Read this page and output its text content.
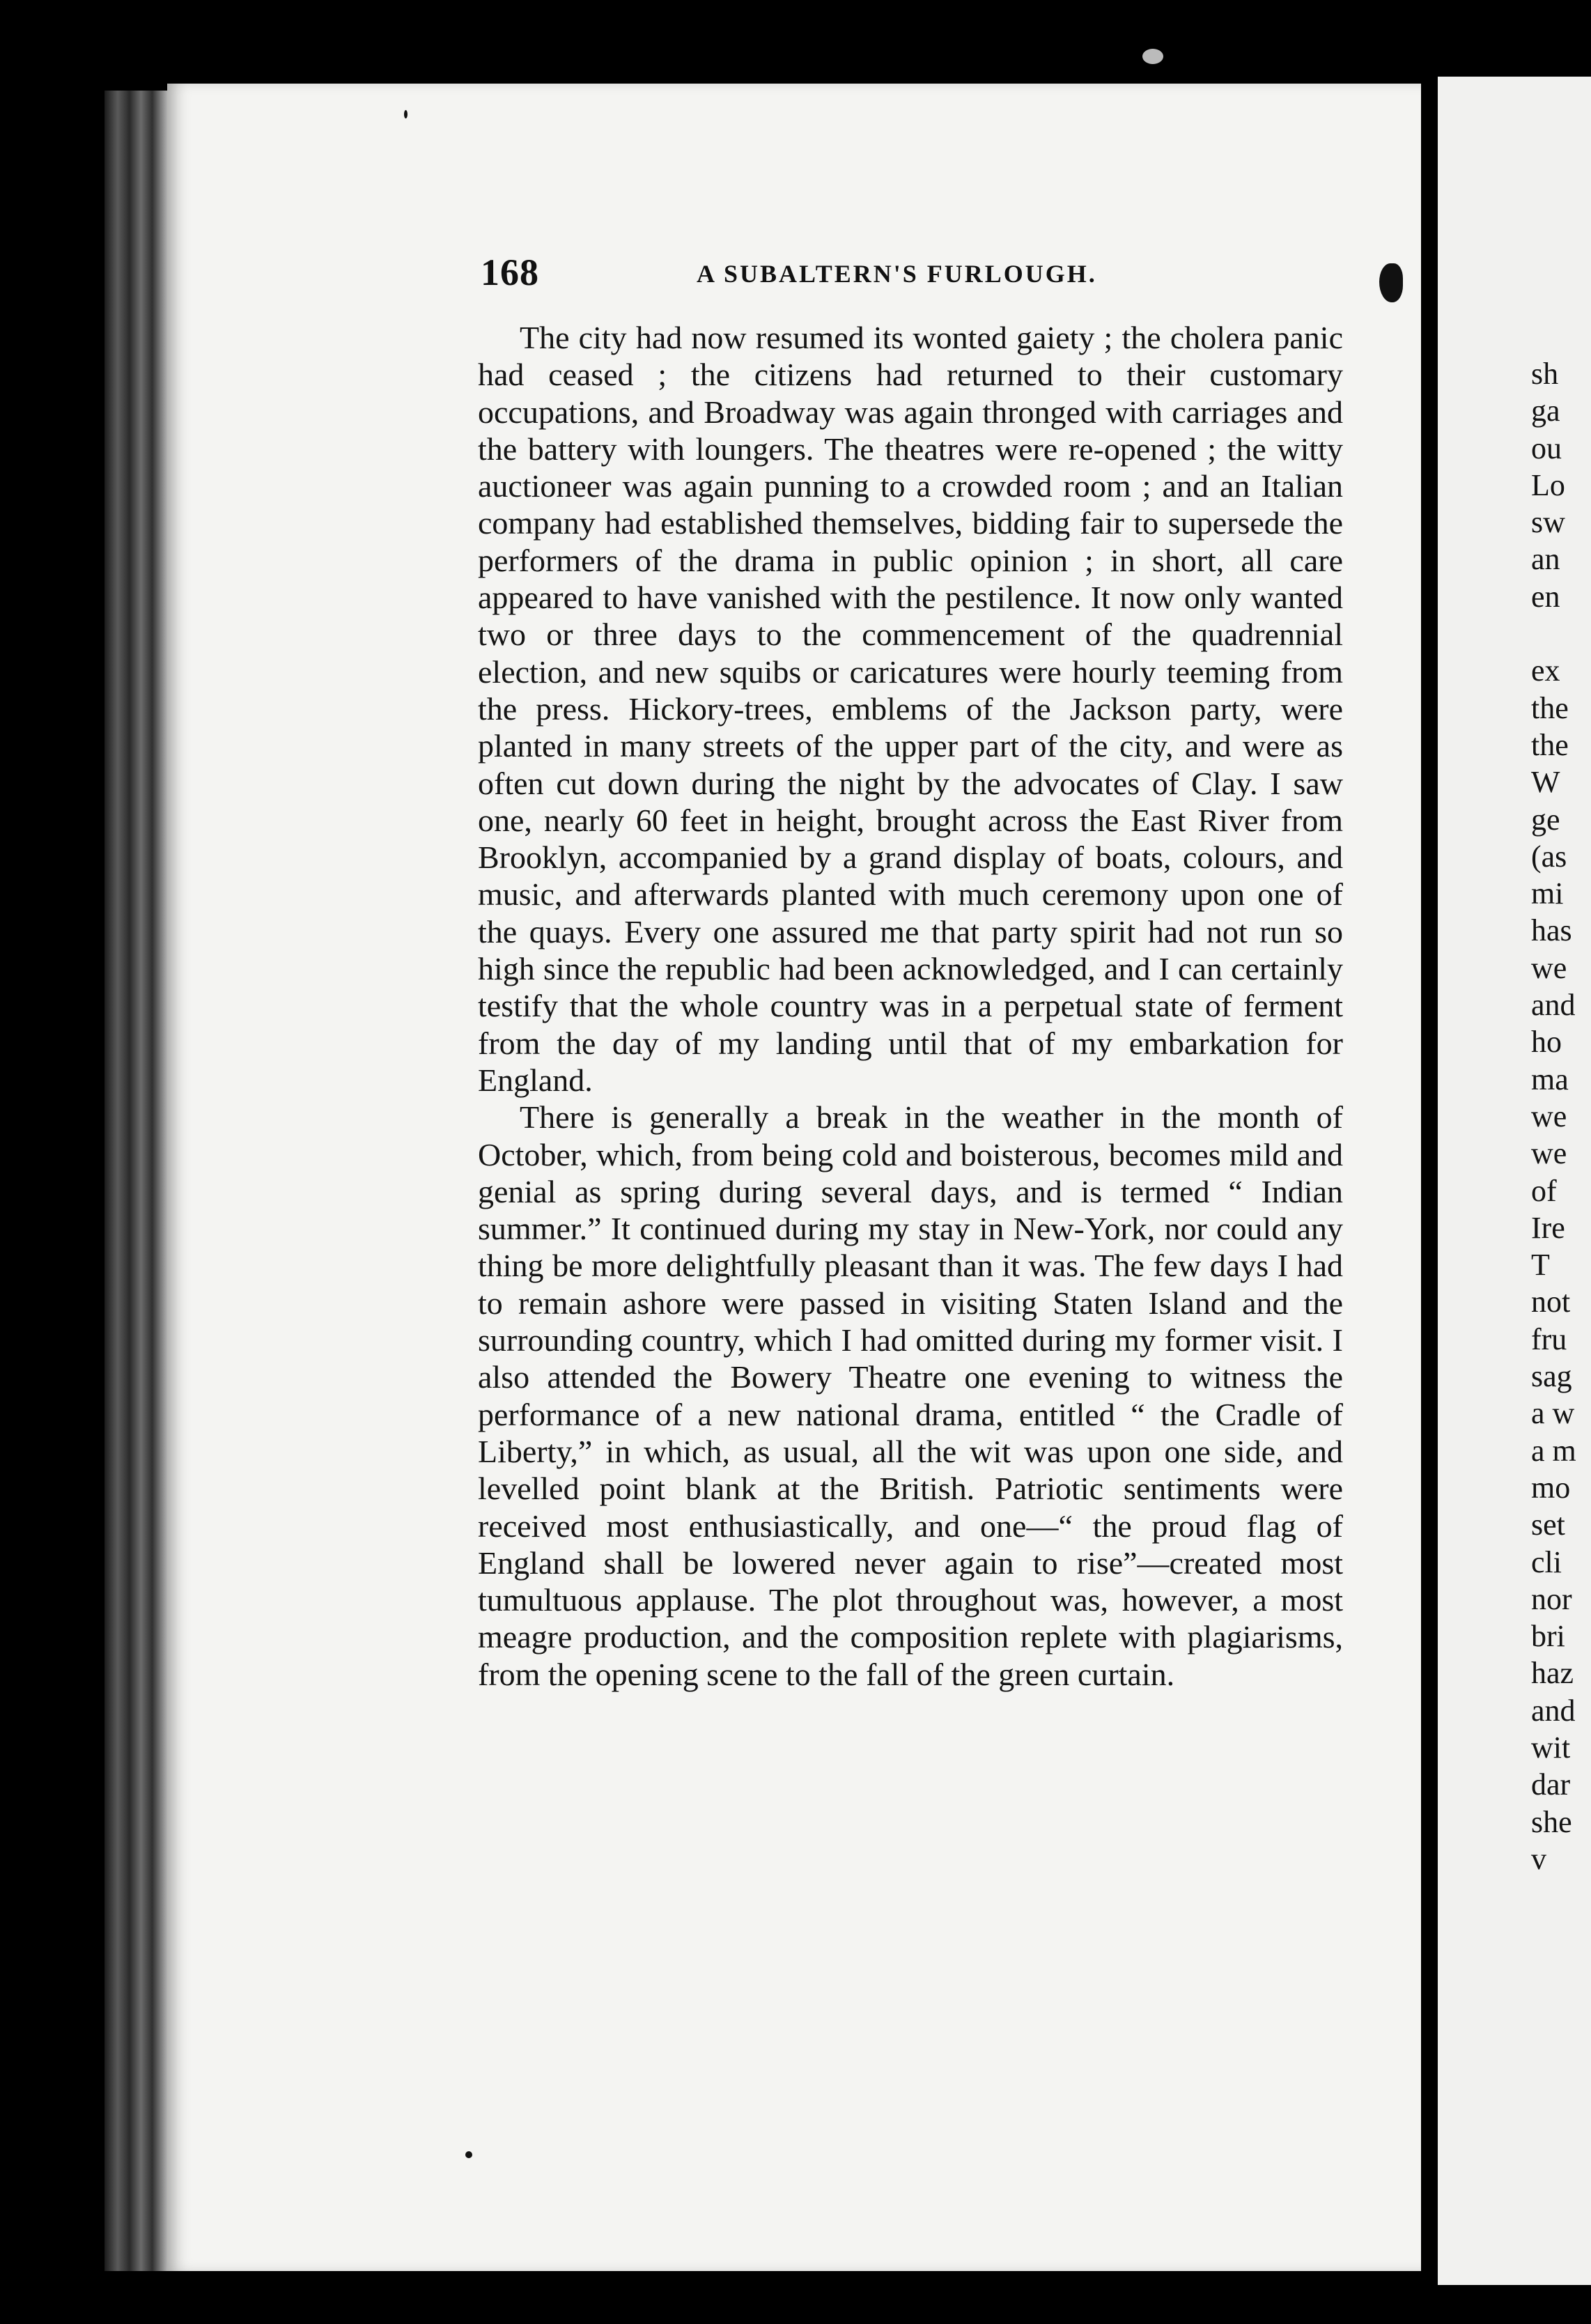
168	A SUBALTERN'S FURLOUGH.

The city had now resumed its wonted gaiety ; the cholera panic had ceased ; the citizens had returned to their customary occupations, and Broadway was again thronged with carriages and the battery with loungers. The theatres were re-opened ; the witty auctioneer was again punning to a crowded room ; and an Italian company had established themselves, bidding fair to supersede the performers of the drama in public opinion ; in short, all care appeared to have vanished with the pestilence. It now only wanted two or three days to the commencement of the quadrennial election, and new squibs or caricatures were hourly teeming from the press. Hickory-trees, emblems of the Jackson party, were planted in many streets of the upper part of the city, and were as often cut down during the night by the advocates of Clay. I saw one, nearly 60 feet in height, brought across the East River from Brooklyn, accompanied by a grand display of boats, colours, and music, and afterwards planted with much ceremony upon one of the quays. Every one assured me that party spirit had not run so high since the republic had been acknowledged, and I can certainly testify that the whole country was in a perpetual state of ferment from the day of my landing until that of my embarkation for England.

There is generally a break in the weather in the month of October, which, from being cold and boisterous, becomes mild and genial as spring during several days, and is termed “ Indian summer.” It continued during my stay in New-York, nor could any thing be more delightfully pleasant than it was. The few days I had to remain ashore were passed in visiting Staten Island and the surrounding country, which I had omitted during my former visit. I also attended the Bowery Theatre one evening to witness the performance of a new national drama, entitled “ the Cradle of Liberty,” in which, as usual, all the wit was upon one side, and levelled point blank at the British. Patriotic sentiments were received most enthusiastically, and one—“ the proud flag of England shall be lowered never again to rise”—created most tumultuous applause. The plot throughout was, however, a most meagre production, and the composition replete with plagiarisms, from the opening scene to the fall of the green curtain.

sh
ga
ou
Lo
sw
an
en
ex
the
the
W
ge
(as
mi
has
we
and
ho
ma
we
we
of
Ire
T
not
fru
sag
a w
a m
mo
set
cli
nor
bri
haz
and
wit
dar
she
v
